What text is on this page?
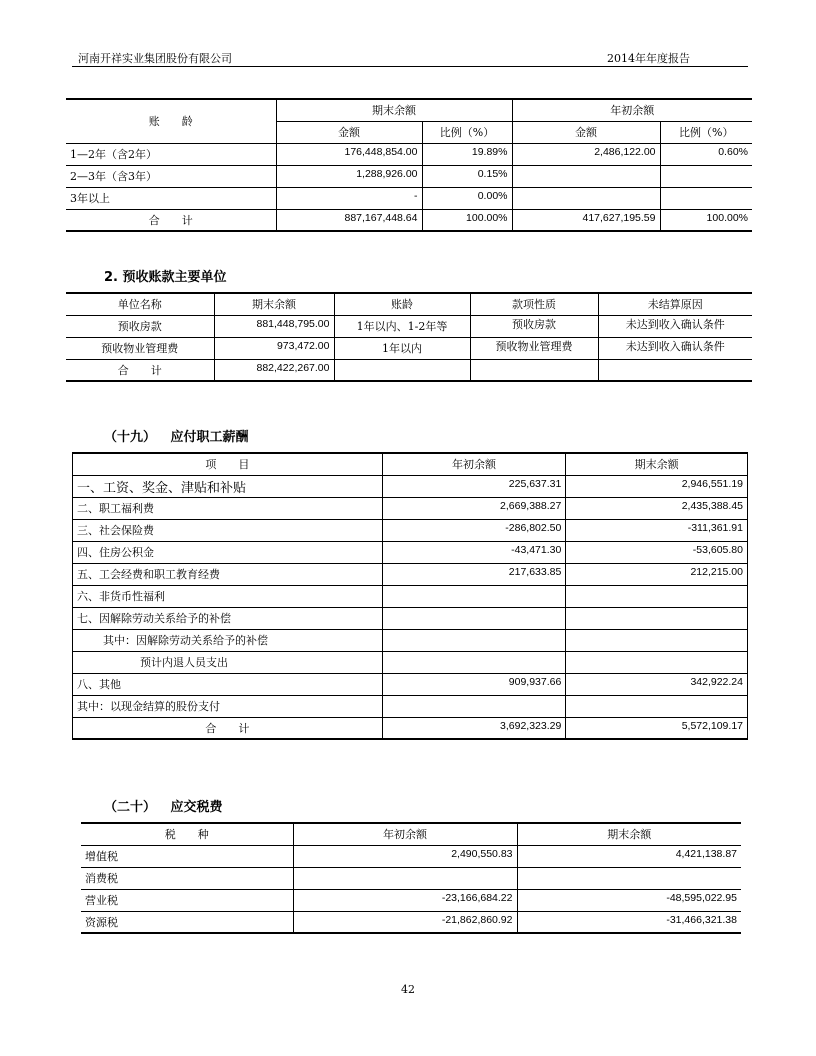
河南开祥实业集团股份有限公司	2014年年度报告
账　　龄	期末余额		年初余额	
	金额	比例（%）	金额	比例（%）
1—2年（含2年）	176,448,854.00	19.89%	2,486,122.00	0.60%
2—3年（含3年）	1,288,926.00	0.15%		
3年以上	-	0.00%		
合　　计	887,167,448.64	100.00%	417,627,195.59	100.00%
2. 预收账款主要单位
单位名称	期末余额	账龄	款项性质	未结算原因
预收房款	881,448,795.00	1年以内、1-2年等	预收房款	未达到收入确认条件
预收物业管理费	973,472.00	1年以内	预收物业管理费	未达到收入确认条件
合　　计	882,422,267.00			
（十九） 应付职工薪酬
项　　目	年初余额	期末余额
一、工资、奖金、津贴和补贴	225,637.31	2,946,551.19
二、职工福利费	2,669,388.27	2,435,388.45
三、社会保险费	-286,802.50	-311,361.91
四、住房公积金	-43,471.30	-53,605.80
五、工会经费和职工教育经费	217,633.85	212,215.00
六、非货币性福利		
七、因解除劳动关系给予的补偿		
其中：因解除劳动关系给予的补偿		
预计内退人员支出		
八、其他	909,937.66	342,922.24
其中：以现金结算的股份支付		
合　　计	3,692,323.29	5,572,109.17
（二十） 应交税费
税　　种	年初余额	期末余额
增值税	2,490,550.83	4,421,138.87
消费税		
营业税	-23,166,684.22	-48,595,022.95
资源税	-21,862,860.92	-31,466,321.38
42
